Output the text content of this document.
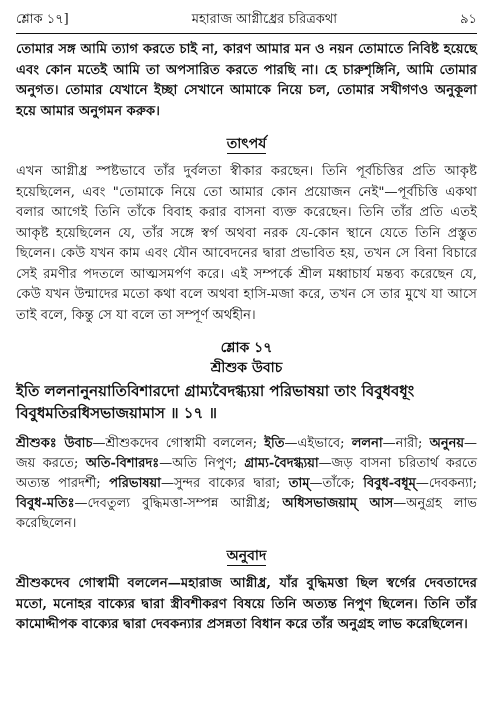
শ্লোক ১৭]	মহারাজ আগ্নীধ্রের চরিত্রকথা	৯১

তোমার সঙ্গ আমি ত্যাগ করতে চাই না, কারণ আমার মন ও নয়ন তোমাতে নিবিষ্ট হয়েছে এবং কোন মতেই আমি তা অপসারিত করতে পারছি না। হে চারুশৃঙ্গিনি, আমি তোমার অনুগত। তোমার যেখানে ইচ্ছা সেখানে আমাকে নিয়ে চল, তোমার সখীগণও অনুকূলা হয়ে আমার অনুগমন করুক।

তাৎপর্য

এখন আগ্নীধ্র স্পষ্টভাবে তাঁর দুর্বলতা স্বীকার করছেন। তিনি পূর্বচিত্তির প্রতি আকৃষ্ট হয়েছিলেন, এবং "তোমাকে নিয়ে তো আমার কোন প্রয়োজন নেই"—পূর্বচিত্তি একথা বলার আগেই তিনি তাঁকে বিবাহ করার বাসনা ব্যক্ত করেছেন। তিনি তাঁর প্রতি এতই আকৃষ্ট হয়েছিলেন যে, তাঁর সঙ্গে স্বর্গ অথবা নরক যে-কোন স্থানে যেতে তিনি প্রস্তুত ছিলেন। কেউ যখন কাম এবং যৌন আবেদনের দ্বারা প্রভাবিত হয়, তখন সে বিনা বিচারে সেই রমণীর পদতলে আত্মসমর্পণ করে। এই সম্পর্কে শ্রীল মধ্বাচার্য মন্তব্য করেছেন যে, কেউ যখন উন্মাদের মতো কথা বলে অথবা হাসি-মজা করে, তখন সে তার মুখে যা আসে তাই বলে, কিন্তু সে যা বলে তা সম্পূর্ণ অর্থহীন।

শ্লোক ১৭
শ্রীশুক উবাচ
ইতি ললনানুনয়াতিবিশারদো গ্রাম্যবৈদগ্ধ্যয়া পরিভাষয়া তাং বিবুধবধূং বিবুধমতিরধিসভাজয়ামাস ॥ ১৭ ॥
শ্রীশুকঃ উবাচ—শ্রীশুকদেব গোস্বামী বললেন; ইতি—এইভাবে; ললনা—নারী; অনুনয়—জয় করতে; অতি-বিশারদঃ—অতি নিপুণ; গ্রাম্য-বৈদগ্ধ্যয়া—জড় বাসনা চরিতার্থ করতে অত্যন্ত পারদর্শী; পরিভাষয়া—সুন্দর বাক্যের দ্বারা; তাম্—তাঁকে; বিবুধ-বধূম্—দেবকন্যা; বিবুধ-মতিঃ—দেবতুল্য বুদ্ধিমত্তা-সম্পন্ন আগ্নীধ্র; অধিসভাজয়াম্ আস—অনুগ্রহ লাভ করেছিলেন।
অনুবাদ

শ্রীশুকদেব গোস্বামী বললেন—মহারাজ আগ্নীধ্র, যাঁর বুদ্ধিমত্তা ছিল স্বর্গের দেবতাদের মতো, মনোহর বাক্যের দ্বারা স্ত্রীবশীকরণ বিষয়ে তিনি অত্যন্ত নিপুণ ছিলেন। তিনি তাঁর কামোদ্দীপক বাক্যের দ্বারা দেবকন্যার প্রসন্নতা বিধান করে তাঁর অনুগ্রহ লাভ করেছিলেন।
